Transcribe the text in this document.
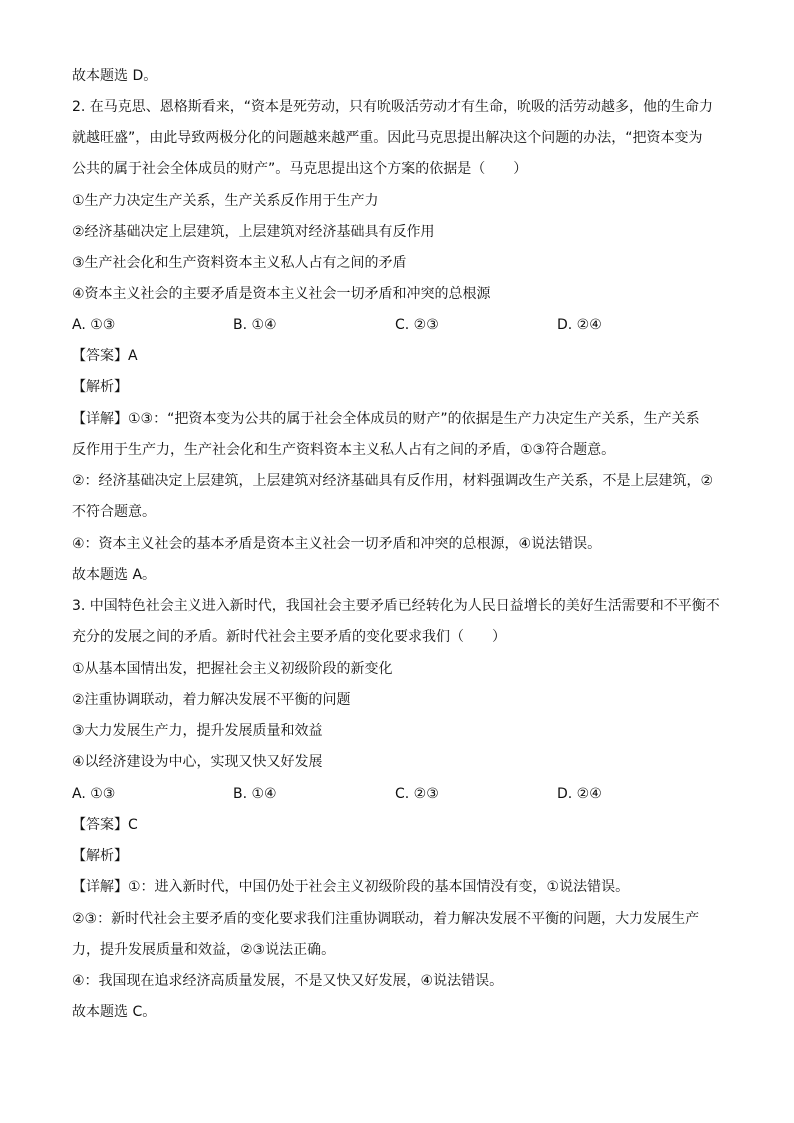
故本题选 D。
2. 在马克思、恩格斯看来，“资本是死劳动，只有吮吸活劳动才有生命，吮吸的活劳动越多，他的生命力
就越旺盛”，由此导致两极分化的问题越来越严重。因此马克思提出解决这个问题的办法，“把资本变为
公共的属于社会全体成员的财产”。马克思提出这个方案的依据是（　　）
①生产力决定生产关系，生产关系反作用于生产力
②经济基础决定上层建筑，上层建筑对经济基础具有反作用
③生产社会化和生产资料资本主义私人占有之间的矛盾
④资本主义社会的主要矛盾是资本主义社会一切矛盾和冲突的总根源
A. ①③	B. ①④	C. ②③	D. ②④
【答案】A
【解析】
【详解】①③：“把资本变为公共的属于社会全体成员的财产”的依据是生产力决定生产关系，生产关系
反作用于生产力，生产社会化和生产资料资本主义私人占有之间的矛盾，①③符合题意。
②：经济基础决定上层建筑，上层建筑对经济基础具有反作用，材料强调改生产关系，不是上层建筑，②
不符合题意。
④：资本主义社会的基本矛盾是资本主义社会一切矛盾和冲突的总根源，④说法错误。
故本题选 A。
3. 中国特色社会主义进入新时代，我国社会主要矛盾已经转化为人民日益增长的美好生活需要和不平衡不
充分的发展之间的矛盾。新时代社会主要矛盾的变化要求我们（　　）
①从基本国情出发，把握社会主义初级阶段的新变化
②注重协调联动，着力解决发展不平衡的问题
③大力发展生产力，提升发展质量和效益
④以经济建设为中心，实现又快又好发展
A. ①③	B. ①④	C. ②③	D. ②④
【答案】C
【解析】
【详解】①：进入新时代，中国仍处于社会主义初级阶段的基本国情没有变，①说法错误。
②③：新时代社会主要矛盾的变化要求我们注重协调联动，着力解决发展不平衡的问题，大力发展生产
力，提升发展质量和效益，②③说法正确。
④：我国现在追求经济高质量发展，不是又快又好发展，④说法错误。
故本题选 C。
